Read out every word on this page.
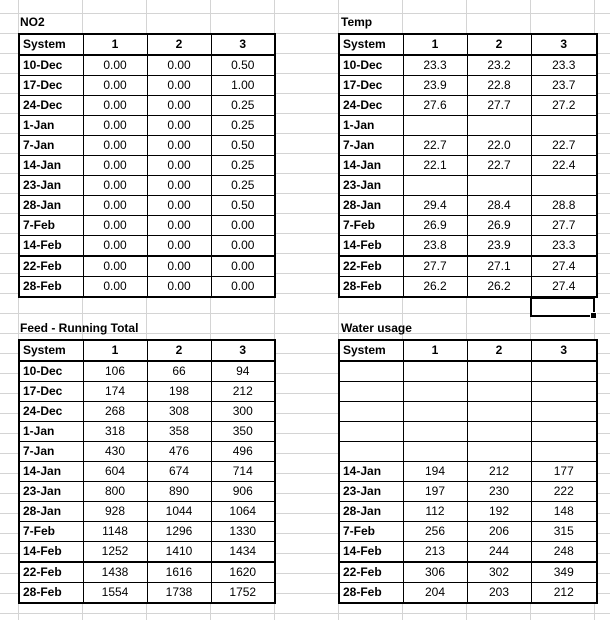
NO2
System	1	2	3
10-Dec	0.00	0.00	0.50
17-Dec	0.00	0.00	1.00
24-Dec	0.00	0.00	0.25
1-Jan	0.00	0.00	0.25
7-Jan	0.00	0.00	0.50
14-Jan	0.00	0.00	0.25
23-Jan	0.00	0.00	0.25
28-Jan	0.00	0.00	0.50
7-Feb	0.00	0.00	0.00
14-Feb	0.00	0.00	0.00
22-Feb	0.00	0.00	0.00
28-Feb	0.00	0.00	0.00
Temp
System	1	2	3
10-Dec	23.3	23.2	23.3
17-Dec	23.9	22.8	23.7
24-Dec	27.6	27.7	27.2
1-Jan			
7-Jan	22.7	22.0	22.7
14-Jan	22.1	22.7	22.4
23-Jan			
28-Jan	29.4	28.4	28.8
7-Feb	26.9	26.9	27.7
14-Feb	23.8	23.9	23.3
22-Feb	27.7	27.1	27.4
28-Feb	26.2	26.2	27.4
Feed - Running Total
System	1	2	3
10-Dec	106	66	94
17-Dec	174	198	212
24-Dec	268	308	300
1-Jan	318	358	350
7-Jan	430	476	496
14-Jan	604	674	714
23-Jan	800	890	906
28-Jan	928	1044	1064
7-Feb	1148	1296	1330
14-Feb	1252	1410	1434
22-Feb	1438	1616	1620
28-Feb	1554	1738	1752
Water usage
System	1	2	3

14-Jan	194	212	177
23-Jan	197	230	222
28-Jan	112	192	148
7-Feb	256	206	315
14-Feb	213	244	248
22-Feb	306	302	349
28-Feb	204	203	212
